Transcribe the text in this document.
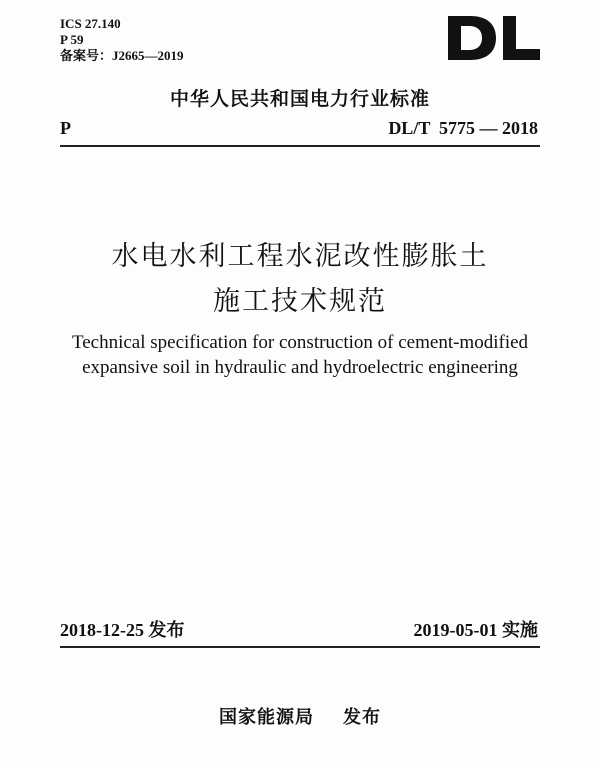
ICS 27.140
P 59
备案号：J2665—2019
中华人民共和国电力行业标准
P	DL/T  5775 — 2018
水电水利工程水泥改性膨胀土
施工技术规范
Technical specification for construction of cement-modified
expansive soil in hydraulic and hydroelectric engineering
2018-12-25 发布	2019-05-01 实施
国家能源局    发布
